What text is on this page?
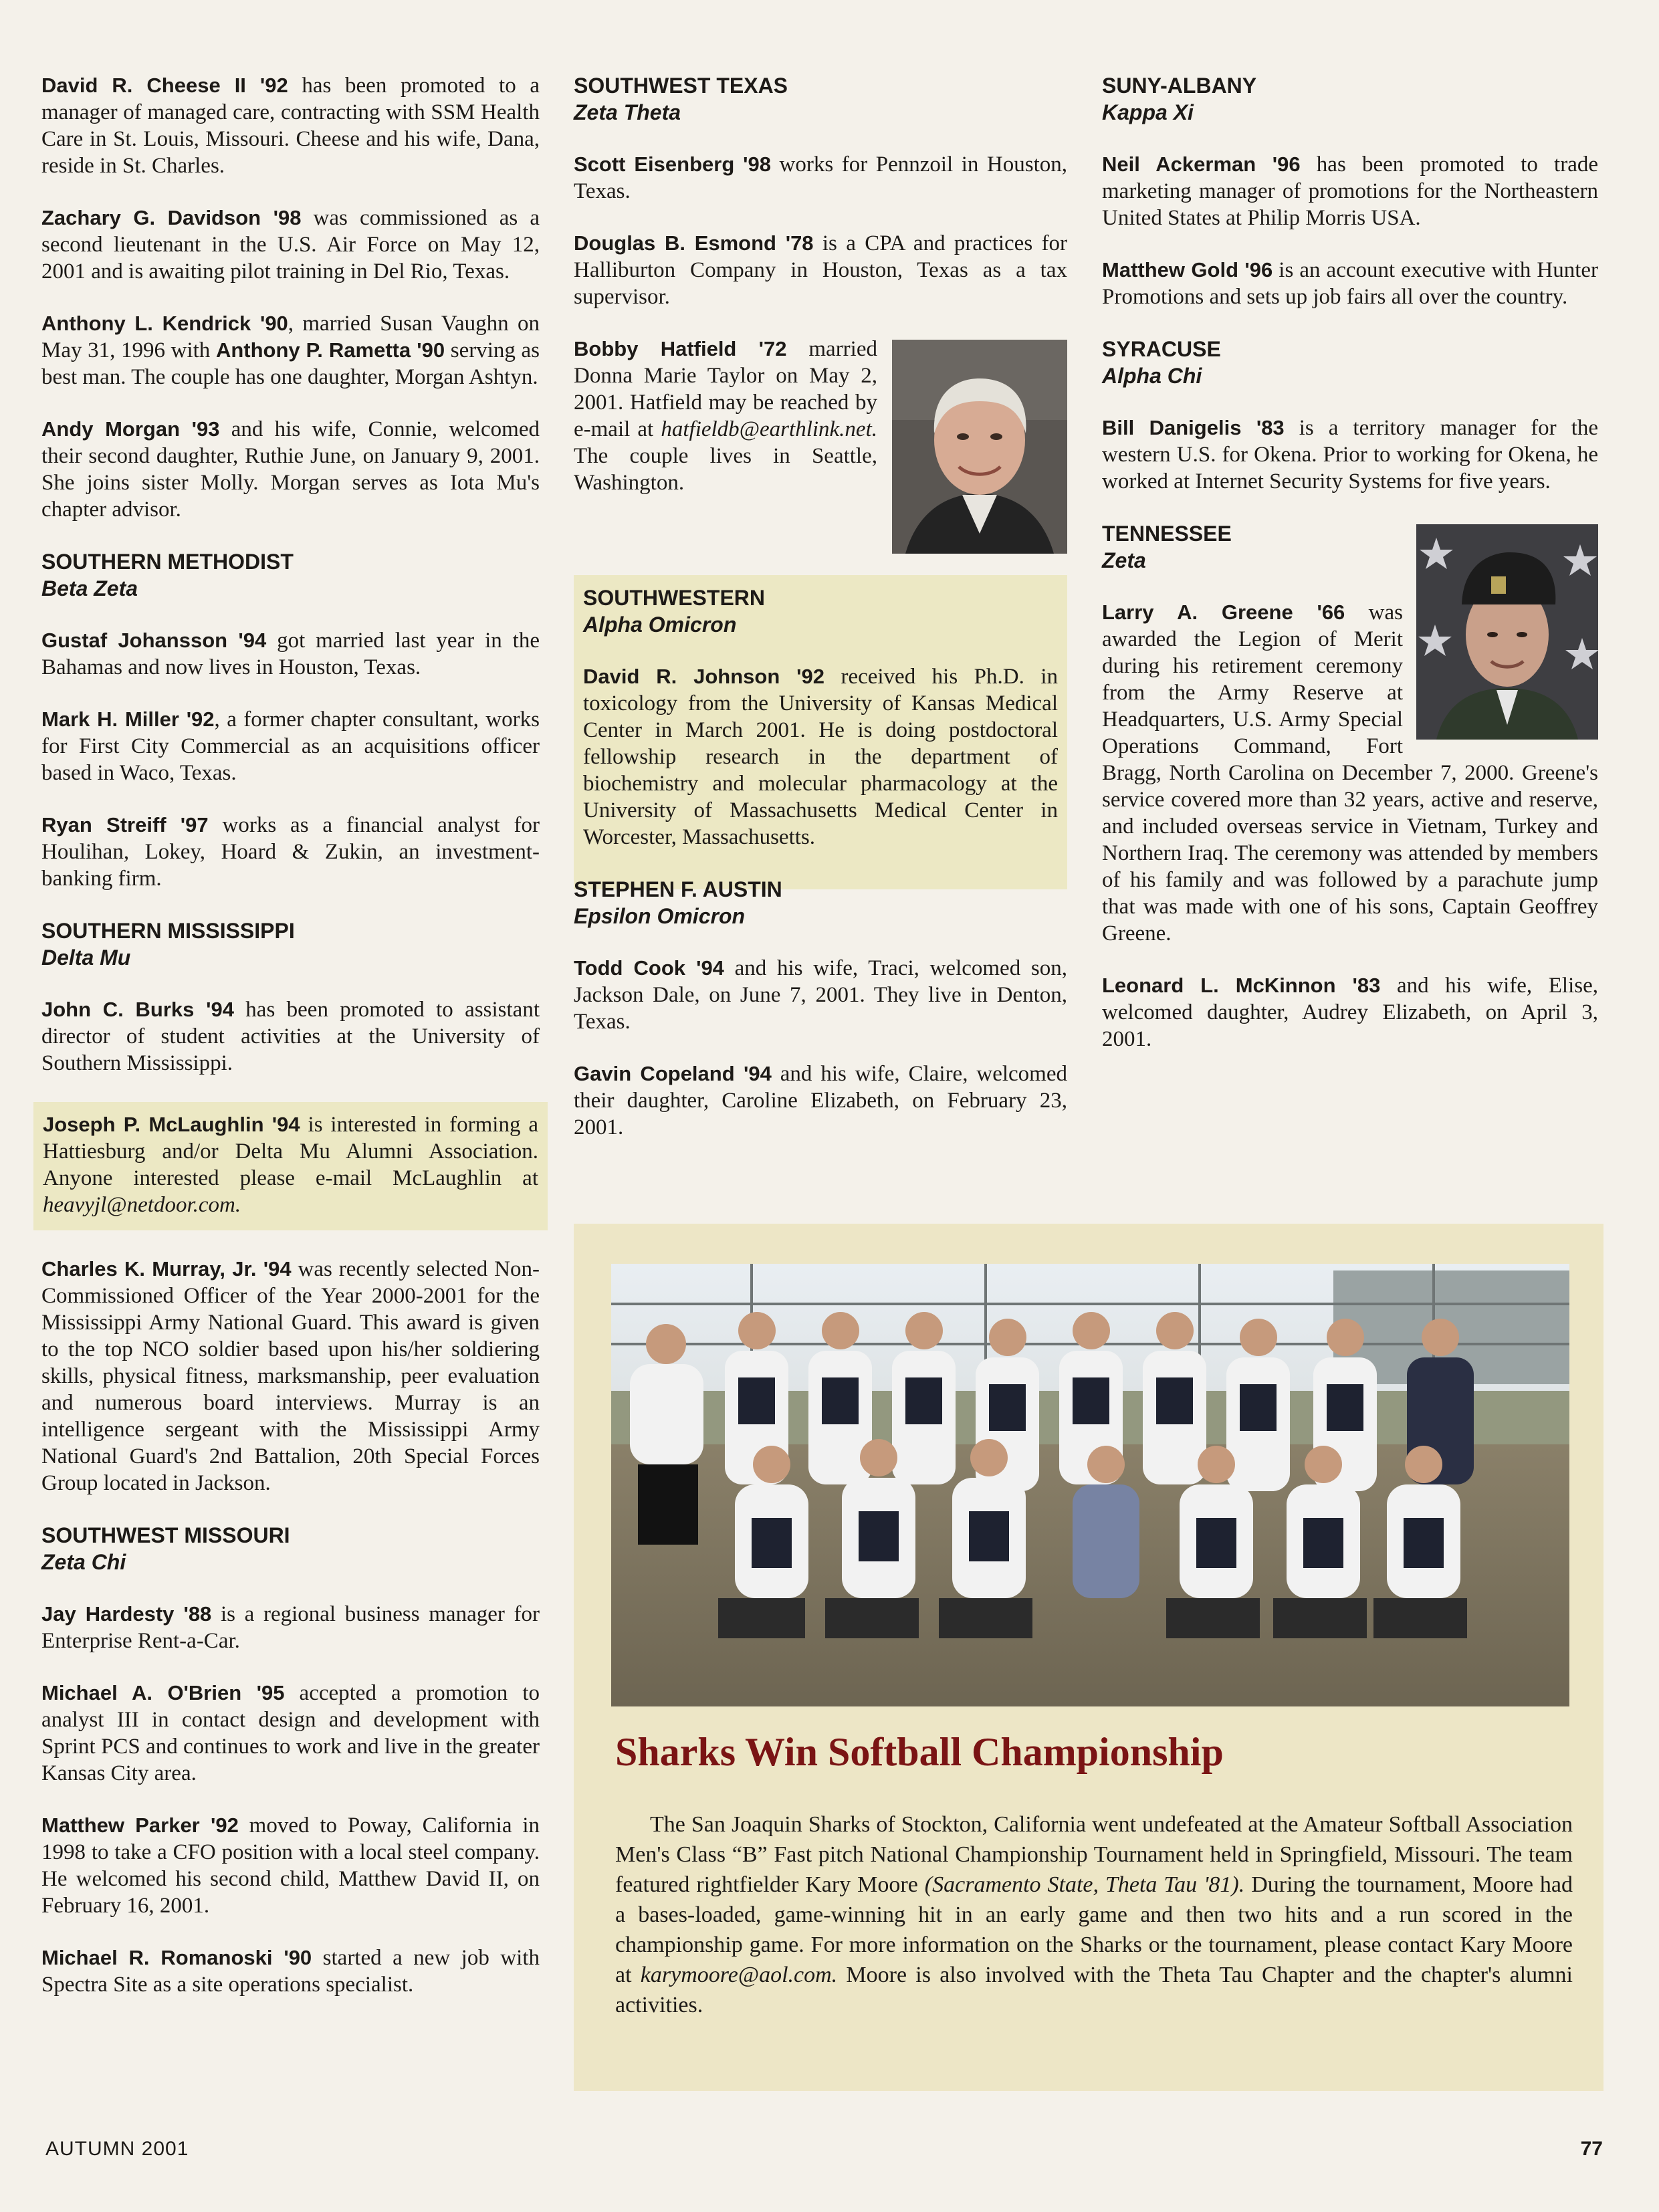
David R. Cheese II '92 has been promoted to a manager of managed care, contracting with SSM Health Care in St. Louis, Missouri. Cheese and his wife, Dana, reside in St. Charles.

Zachary G. Davidson '98 was commissioned as a second lieutenant in the U.S. Air Force on May 12, 2001 and is awaiting pilot training in Del Rio, Texas.

Anthony L. Kendrick '90, married Susan Vaughn on May 31, 1996 with Anthony P. Rametta '90 serving as best man. The couple has one daughter, Morgan Ashtyn.

Andy Morgan '93 and his wife, Connie, welcomed their second daughter, Ruthie June, on January 9, 2001. She joins sister Molly. Morgan serves as Iota Mu's chapter advisor.

SOUTHERN METHODIST
Beta Zeta

Gustaf Johansson '94 got married last year in the Bahamas and now lives in Houston, Texas.

Mark H. Miller '92, a former chapter consultant, works for First City Commercial as an acquisitions officer based in Waco, Texas.

Ryan Streiff '97 works as a financial analyst for Houlihan, Lokey, Hoard & Zukin, an investment-banking firm.

SOUTHERN MISSISSIPPI
Delta Mu

John C. Burks '94 has been promoted to assistant director of student activities at the University of Southern Mississippi.

Joseph P. McLaughlin '94 is interested in forming a Hattiesburg and/or Delta Mu Alumni Association. Anyone interested please e-mail McLaughlin at heavyjl@netdoor.com.

Charles K. Murray, Jr. '94 was recently selected Non-Commissioned Officer of the Year 2000-2001 for the Mississippi Army National Guard. This award is given to the top NCO soldier based upon his/her soldiering skills, physical fitness, marksmanship, peer evaluation and numerous board interviews. Murray is an intelligence sergeant with the Mississippi Army National Guard's 2nd Battalion, 20th Special Forces Group located in Jackson.

SOUTHWEST MISSOURI
Zeta Chi

Jay Hardesty '88 is a regional business manager for Enterprise Rent-a-Car.

Michael A. O'Brien '95 accepted a promotion to analyst III in contact design and development with Sprint PCS and continues to work and live in the greater Kansas City area.

Matthew Parker '92 moved to Poway, California in 1998 to take a CFO position with a local steel company. He welcomed his second child, Matthew David II, on February 16, 2001.

Michael R. Romanoski '90 started a new job with Spectra Site as a site operations specialist.

SOUTHWEST TEXAS
Zeta Theta

Scott Eisenberg '98 works for Pennzoil in Houston, Texas.

Douglas B. Esmond '78 is a CPA and practices for Halliburton Company in Houston, Texas as a tax supervisor.

Bobby Hatfield '72 married Donna Marie Taylor on May 2, 2001. Hatfield may be reached by e-mail at hatfieldb@earthlink.net. The couple lives in Seattle, Washington.
SOUTHWESTERN
Alpha Omicron

David R. Johnson '92 received his Ph.D. in toxicology from the University of Kansas Medical Center in March 2001. He is doing postdoctoral fellowship research in the department of biochemistry and molecular pharmacology at the University of Massachusetts Medical Center in Worcester, Massachusetts.

STEPHEN F. AUSTIN
Epsilon Omicron

Todd Cook '94 and his wife, Traci, welcomed son, Jackson Dale, on June 7, 2001. They live in Denton, Texas.

Gavin Copeland '94 and his wife, Claire, welcomed their daughter, Caroline Elizabeth, on February 23, 2001.

SUNY-ALBANY
Kappa Xi

Neil Ackerman '96 has been promoted to trade marketing manager of promotions for the Northeastern United States at Philip Morris USA.

Matthew Gold '96 is an account executive with Hunter Promotions and sets up job fairs all over the country.

SYRACUSE
Alpha Chi

Bill Danigelis '83 is a territory manager for the western U.S. for Okena. Prior to working for Okena, he worked at Internet Security Systems for five years.

TENNESSEE
Zeta

Larry A. Greene '66 was awarded the Legion of Merit during his retirement ceremony from the Army Reserve at Headquarters, U.S. Army Special Operations Command, Fort Bragg, North Carolina on December 7, 2000. Greene's service covered more than 32 years, active and reserve, and included overseas service in Vietnam, Turkey and Northern Iraq. The ceremony was attended by members of his family and was followed by a parachute jump that was made with one of his sons, Captain Geoffrey Greene.

Leonard L. McKinnon '83 and his wife, Elise, welcomed daughter, Audrey Elizabeth, on April 3, 2001.

Sharks Win Softball Championship

The San Joaquin Sharks of Stockton, California went undefeated at the Amateur Softball Association Men's Class “B” Fast pitch National Championship Tournament held in Springfield, Missouri. The team featured rightfielder Kary Moore (Sacramento State, Theta Tau '81). During the tournament, Moore had a bases-loaded, game-winning hit in an early game and then two hits and a run scored in the championship game. For more information on the Sharks or the tournament, please contact Kary Moore at karymoore@aol.com. Moore is also involved with the Theta Tau Chapter and the chapter's alumni activities.

AUTUMN 2001	77
